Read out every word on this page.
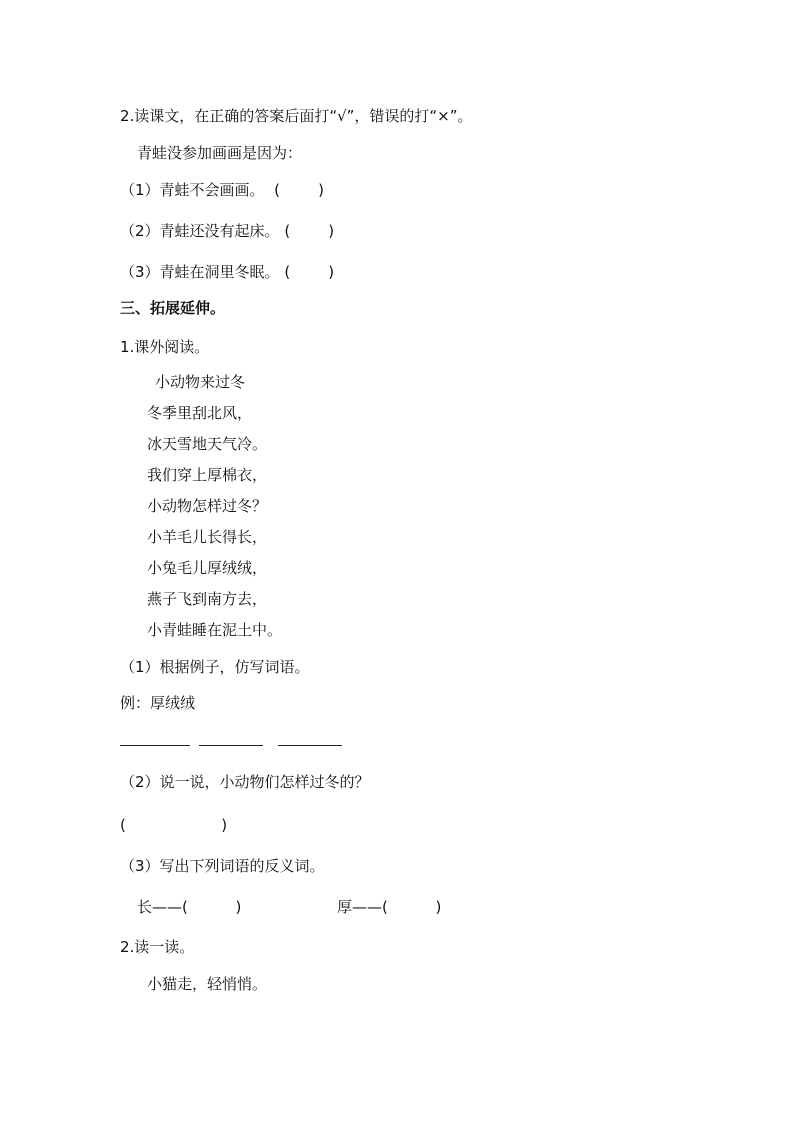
2.读课文，在正确的答案后面打“√”，错误的打“×”。
青蛙没参加画画是因为：
（1）青蛙不会画画。  (        )
（2）青蛙还没有起床。 (        )
（3）青蛙在洞里冬眠。 (        )
三、拓展延伸。
1.课外阅读。
小动物来过冬
冬季里刮北风，
冰天雪地天气冷。
我们穿上厚棉衣，
小动物怎样过冬？
小羊毛儿长得长，
小兔毛儿厚绒绒，
燕子飞到南方去，
小青蛙睡在泥土中。
（1）根据例子，仿写词语。
例：厚绒绒
（2）说一说，小动物们怎样过冬的？
(                    )
（3）写出下列词语的反义词。
长——(          )	厚——(          )
2.读一读。
小猫走，轻悄悄。
